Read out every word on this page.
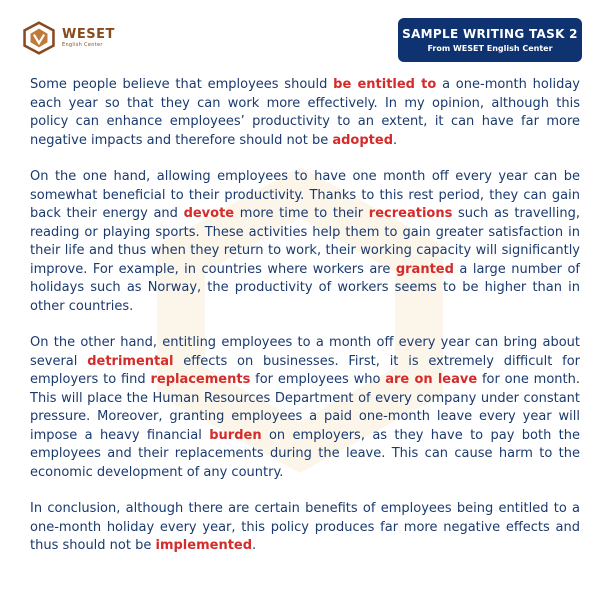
WESET
English Center
SAMPLE WRITING TASK 2
From WESET English Center

Some people believe that employees should be entitled to a one-month holiday each year so that they can work more effectively. In my opinion, although this policy can enhance employees’ productivity to an extent, it can have far more negative impacts and therefore should not be adopted.

On the one hand, allowing employees to have one month off every year can be somewhat beneficial to their productivity. Thanks to this rest period, they can gain back their energy and devote more time to their recreations such as travelling, reading or playing sports. These activities help them to gain greater satisfaction in their life and thus when they return to work, their working capacity will significantly improve. For example, in countries where workers are granted a large number of holidays such as Norway, the productivity of workers seems to be higher than in other countries.

On the other hand, entitling employees to a month off every year can bring about several detrimental effects on businesses. First, it is extremely difficult for employers to find replacements for employees who are on leave for one month. This will place the Human Resources Department of every company under constant pressure. Moreover, granting employees a paid one-month leave every year will impose a heavy financial burden on employers, as they have to pay both the employees and their replacements during the leave. This can cause harm to the economic development of any country.

In conclusion, although there are certain benefits of employees being entitled to a one-month holiday every year, this policy produces far more negative effects and thus should not be implemented.
